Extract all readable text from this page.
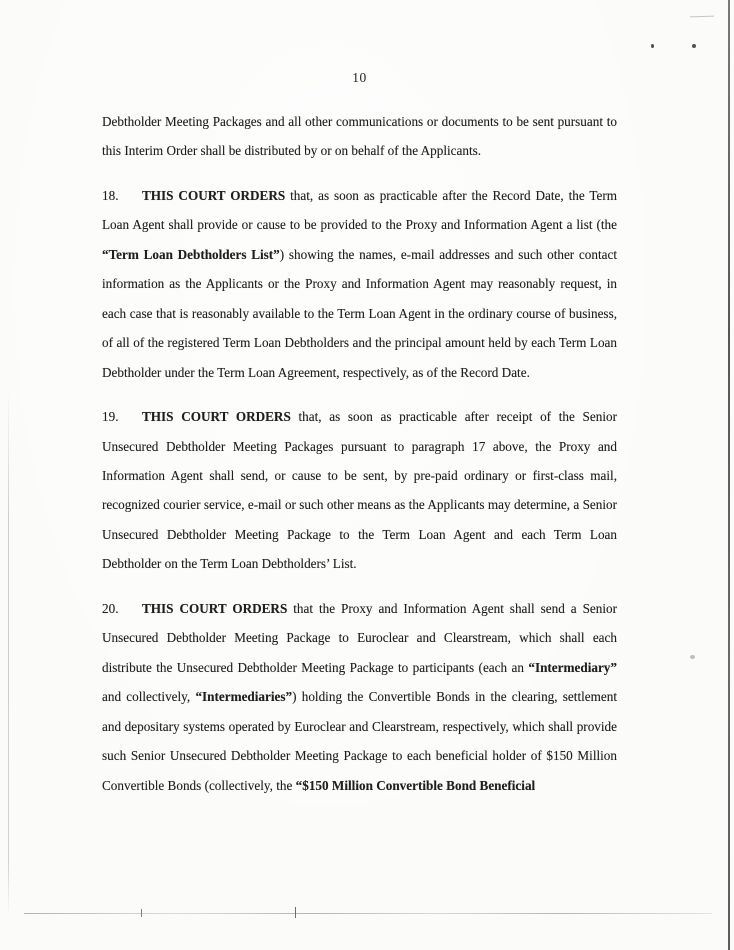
10

Debtholder Meeting Packages and all other communications or documents to be sent pursuant to this Interim Order shall be distributed by or on behalf of the Applicants.

18. THIS COURT ORDERS that, as soon as practicable after the Record Date, the Term Loan Agent shall provide or cause to be provided to the Proxy and Information Agent a list (the “Term Loan Debtholders List”) showing the names, e-mail addresses and such other contact information as the Applicants or the Proxy and Information Agent may reasonably request, in each case that is reasonably available to the Term Loan Agent in the ordinary course of business, of all of the registered Term Loan Debtholders and the principal amount held by each Term Loan Debtholder under the Term Loan Agreement, respectively, as of the Record Date.

19. THIS COURT ORDERS that, as soon as practicable after receipt of the Senior Unsecured Debtholder Meeting Packages pursuant to paragraph 17 above, the Proxy and Information Agent shall send, or cause to be sent, by pre-paid ordinary or first-class mail, recognized courier service, e-mail or such other means as the Applicants may determine, a Senior Unsecured Debtholder Meeting Package to the Term Loan Agent and each Term Loan Debtholder on the Term Loan Debtholders’ List.

20. THIS COURT ORDERS that the Proxy and Information Agent shall send a Senior Unsecured Debtholder Meeting Package to Euroclear and Clearstream, which shall each distribute the Unsecured Debtholder Meeting Package to participants (each an “Intermediary” and collectively, “Intermediaries”) holding the Convertible Bonds in the clearing, settlement and depositary systems operated by Euroclear and Clearstream, respectively, which shall provide such Senior Unsecured Debtholder Meeting Package to each beneficial holder of $150 Million Convertible Bonds (collectively, the “$150 Million Convertible Bond Beneficial
